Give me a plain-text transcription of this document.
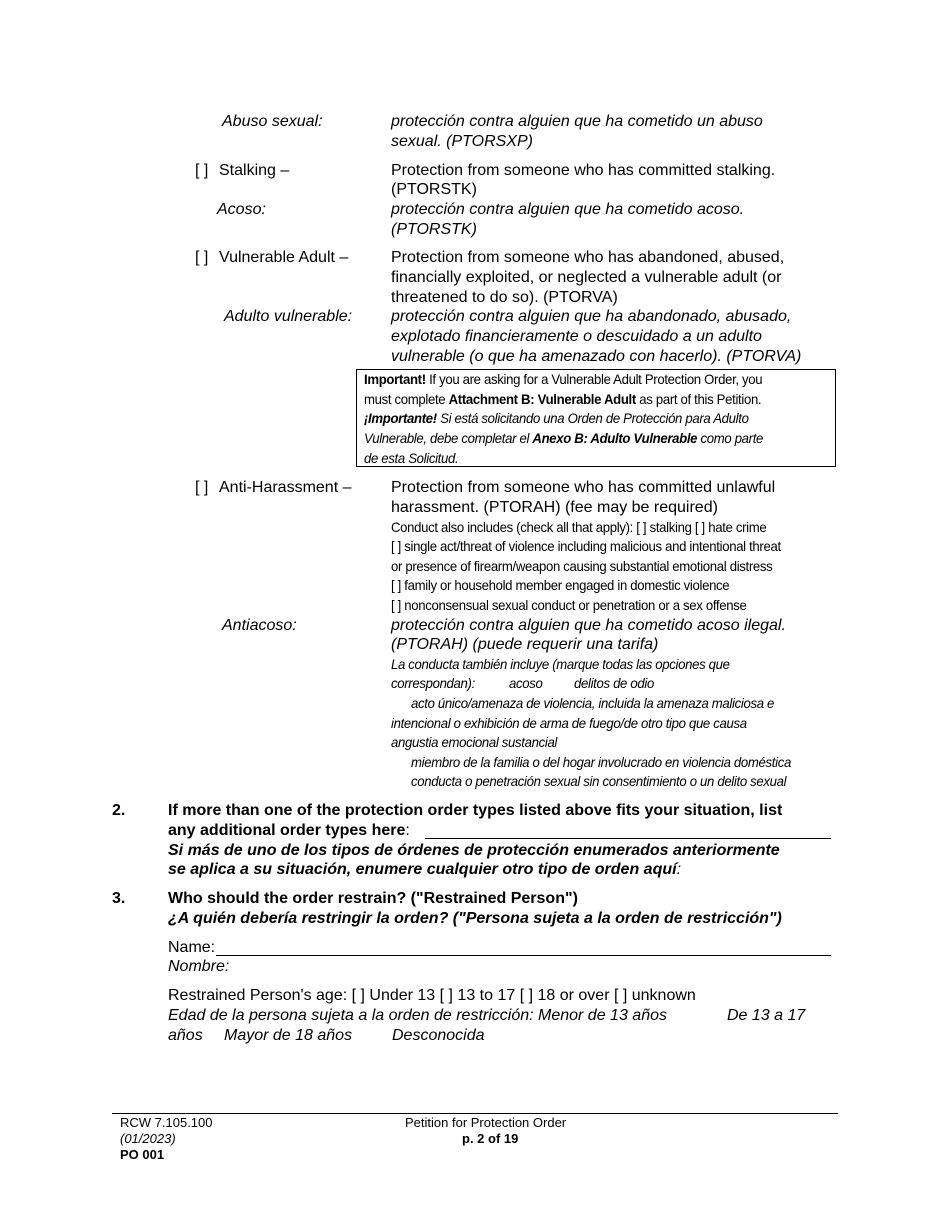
Abuso sexual:	protección contra alguien que ha cometido un abuso
sexual. (PTORSXP)
[ ] Stalking –	Protection from someone who has committed stalking.
(PTORSTK)
Acoso:	protección contra alguien que ha cometido acoso.
(PTORSTK)
[ ] Vulnerable Adult –	Protection from someone who has abandoned, abused,
financially exploited, or neglected a vulnerable adult (or
threatened to do so). (PTORVA)
Adulto vulnerable: protección contra alguien que ha abandonado, abusado,
explotado financieramente o descuidado a un adulto
vulnerable (o que ha amenazado con hacerlo). (PTORVA)
Important! If you are asking for a Vulnerable Adult Protection Order, you
must complete Attachment B: Vulnerable Adult as part of this Petition.
¡Importante! Si está solicitando una Orden de Protección para Adulto
Vulnerable, debe completar el Anexo B: Adulto Vulnerable como parte
de esta Solicitud.
[ ] Anti-Harassment – Protection from someone who has committed unlawful
harassment. (PTORAH) (fee may be required)
Conduct also includes (check all that apply): [ ] stalking [ ] hate crime
[ ] single act/threat of violence including malicious and intentional threat
or presence of firearm/weapon causing substantial emotional distress
[ ] family or household member engaged in domestic violence
[ ] nonconsensual sexual conduct or penetration or a sex offense
Antiacoso:	protección contra alguien que ha cometido acoso ilegal.
(PTORAH) (puede requerir una tarifa)
La conducta también incluye (marque todas las opciones que
correspondan): acoso delitos de odio
acto único/amenaza de violencia, incluida la amenaza maliciosa e
intencional o exhibición de arma de fuego/de otro tipo que causa
angustia emocional sustancial
miembro de la familia o del hogar involucrado en violencia doméstica
conducta o penetración sexual sin consentimiento o un delito sexual
2.	If more than one of the protection order types listed above fits your situation, list
any additional order types here:
Si más de uno de los tipos de órdenes de protección enumerados anteriormente
se aplica a su situación, enumere cualquier otro tipo de orden aquí:
3.	Who should the order restrain? ("Restrained Person")
¿A quién debería restringir la orden? ("Persona sujeta a la orden de restricción")
Name:
Nombre:
Restrained Person's age: [ ] Under 13 [ ] 13 to 17 [ ] 18 or over [ ] unknown
Edad de la persona sujeta a la orden de restricción: Menor de 13 años	De 13 a 17
años Mayor de 18 años Desconocida
RCW 7.105.100
(01/2023)
PO 001
Petition for Protection Order
p. 2 of 19
